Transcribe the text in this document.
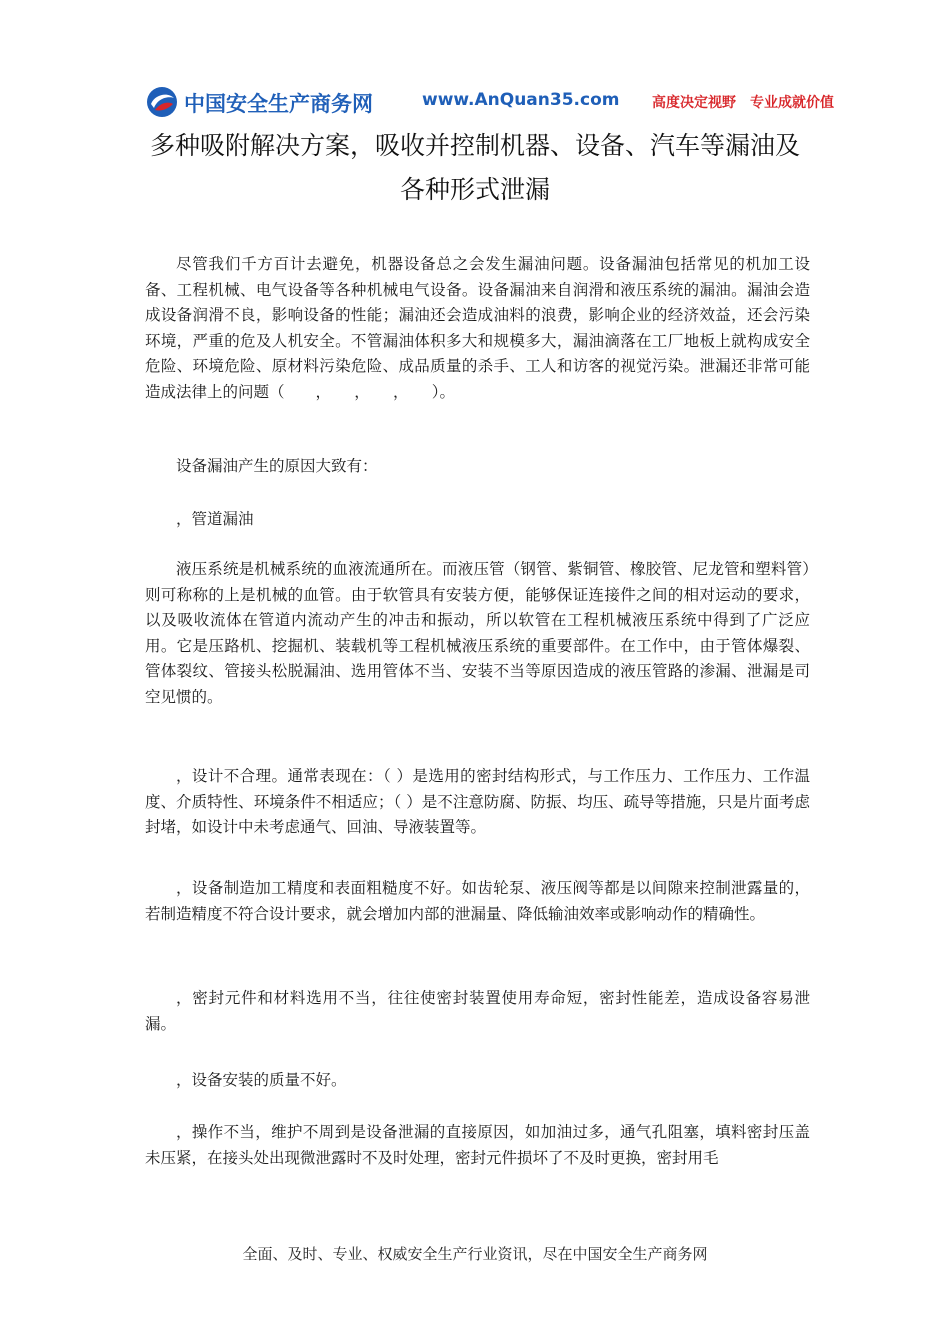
中国安全生产商务网	www.AnQuan35.com 高度决定视野　专业成就价值
多种吸附解决方案，吸收并控制机器、设备、汽车等漏油及各种形式泄漏

尽管我们千方百计去避免，机器设备总之会发生漏油问题。设备漏油包括常见的机加工设备、工程机械、电气设备等各种机械电气设备。设备漏油来自润滑和液压系统的漏油。漏油会造成设备润滑不良，影响设备的性能；漏油还会造成油料的浪费，影响企业的经济效益，还会污染环境，严重的危及人机安全。不管漏油体积多大和规模多大，漏油滴落在工厂地板上就构成安全危险、环境危险、原材料污染危险、成品质量的杀手、工人和访客的视觉污染。泄漏还非常可能造成法律上的问题（　　，　　，　　，　　）。

设备漏油产生的原因大致有：

，管道漏油

液压系统是机械系统的血液流通所在。而液压管（钢管、紫铜管、橡胶管、尼龙管和塑料管）则可称称的上是机械的血管。由于软管具有安装方便，能够保证连接件之间的相对运动的要求，以及吸收流体在管道内流动产生的冲击和振动，所以软管在工程机械液压系统中得到了广泛应用。它是压路机、挖掘机、装载机等工程机械液压系统的重要部件。在工作中，由于管体爆裂、管体裂纹、管接头松脱漏油、选用管体不当、安装不当等原因造成的液压管路的渗漏、泄漏是司空见惯的。

，设计不合理。通常表现在：（ ）是选用的密封结构形式，与工作压力、工作压力、工作温度、介质特性、环境条件不相适应；（ ）是不注意防腐、防振、均压、疏导等措施，只是片面考虑封堵，如设计中未考虑通气、回油、导液装置等。

，设备制造加工精度和表面粗糙度不好。如齿轮泵、液压阀等都是以间隙来控制泄露量的，若制造精度不符合设计要求，就会增加内部的泄漏量、降低输油效率或影响动作的精确性。

，密封元件和材料选用不当，往往使密封装置使用寿命短，密封性能差，造成设备容易泄漏。

，设备安装的质量不好。

，操作不当，维护不周到是设备泄漏的直接原因，如加油过多，通气孔阻塞，填料密封压盖未压紧，在接头处出现微泄露时不及时处理，密封元件损坏了不及时更换，密封用毛

全面、及时、专业、权威安全生产行业资讯，尽在中国安全生产商务网
